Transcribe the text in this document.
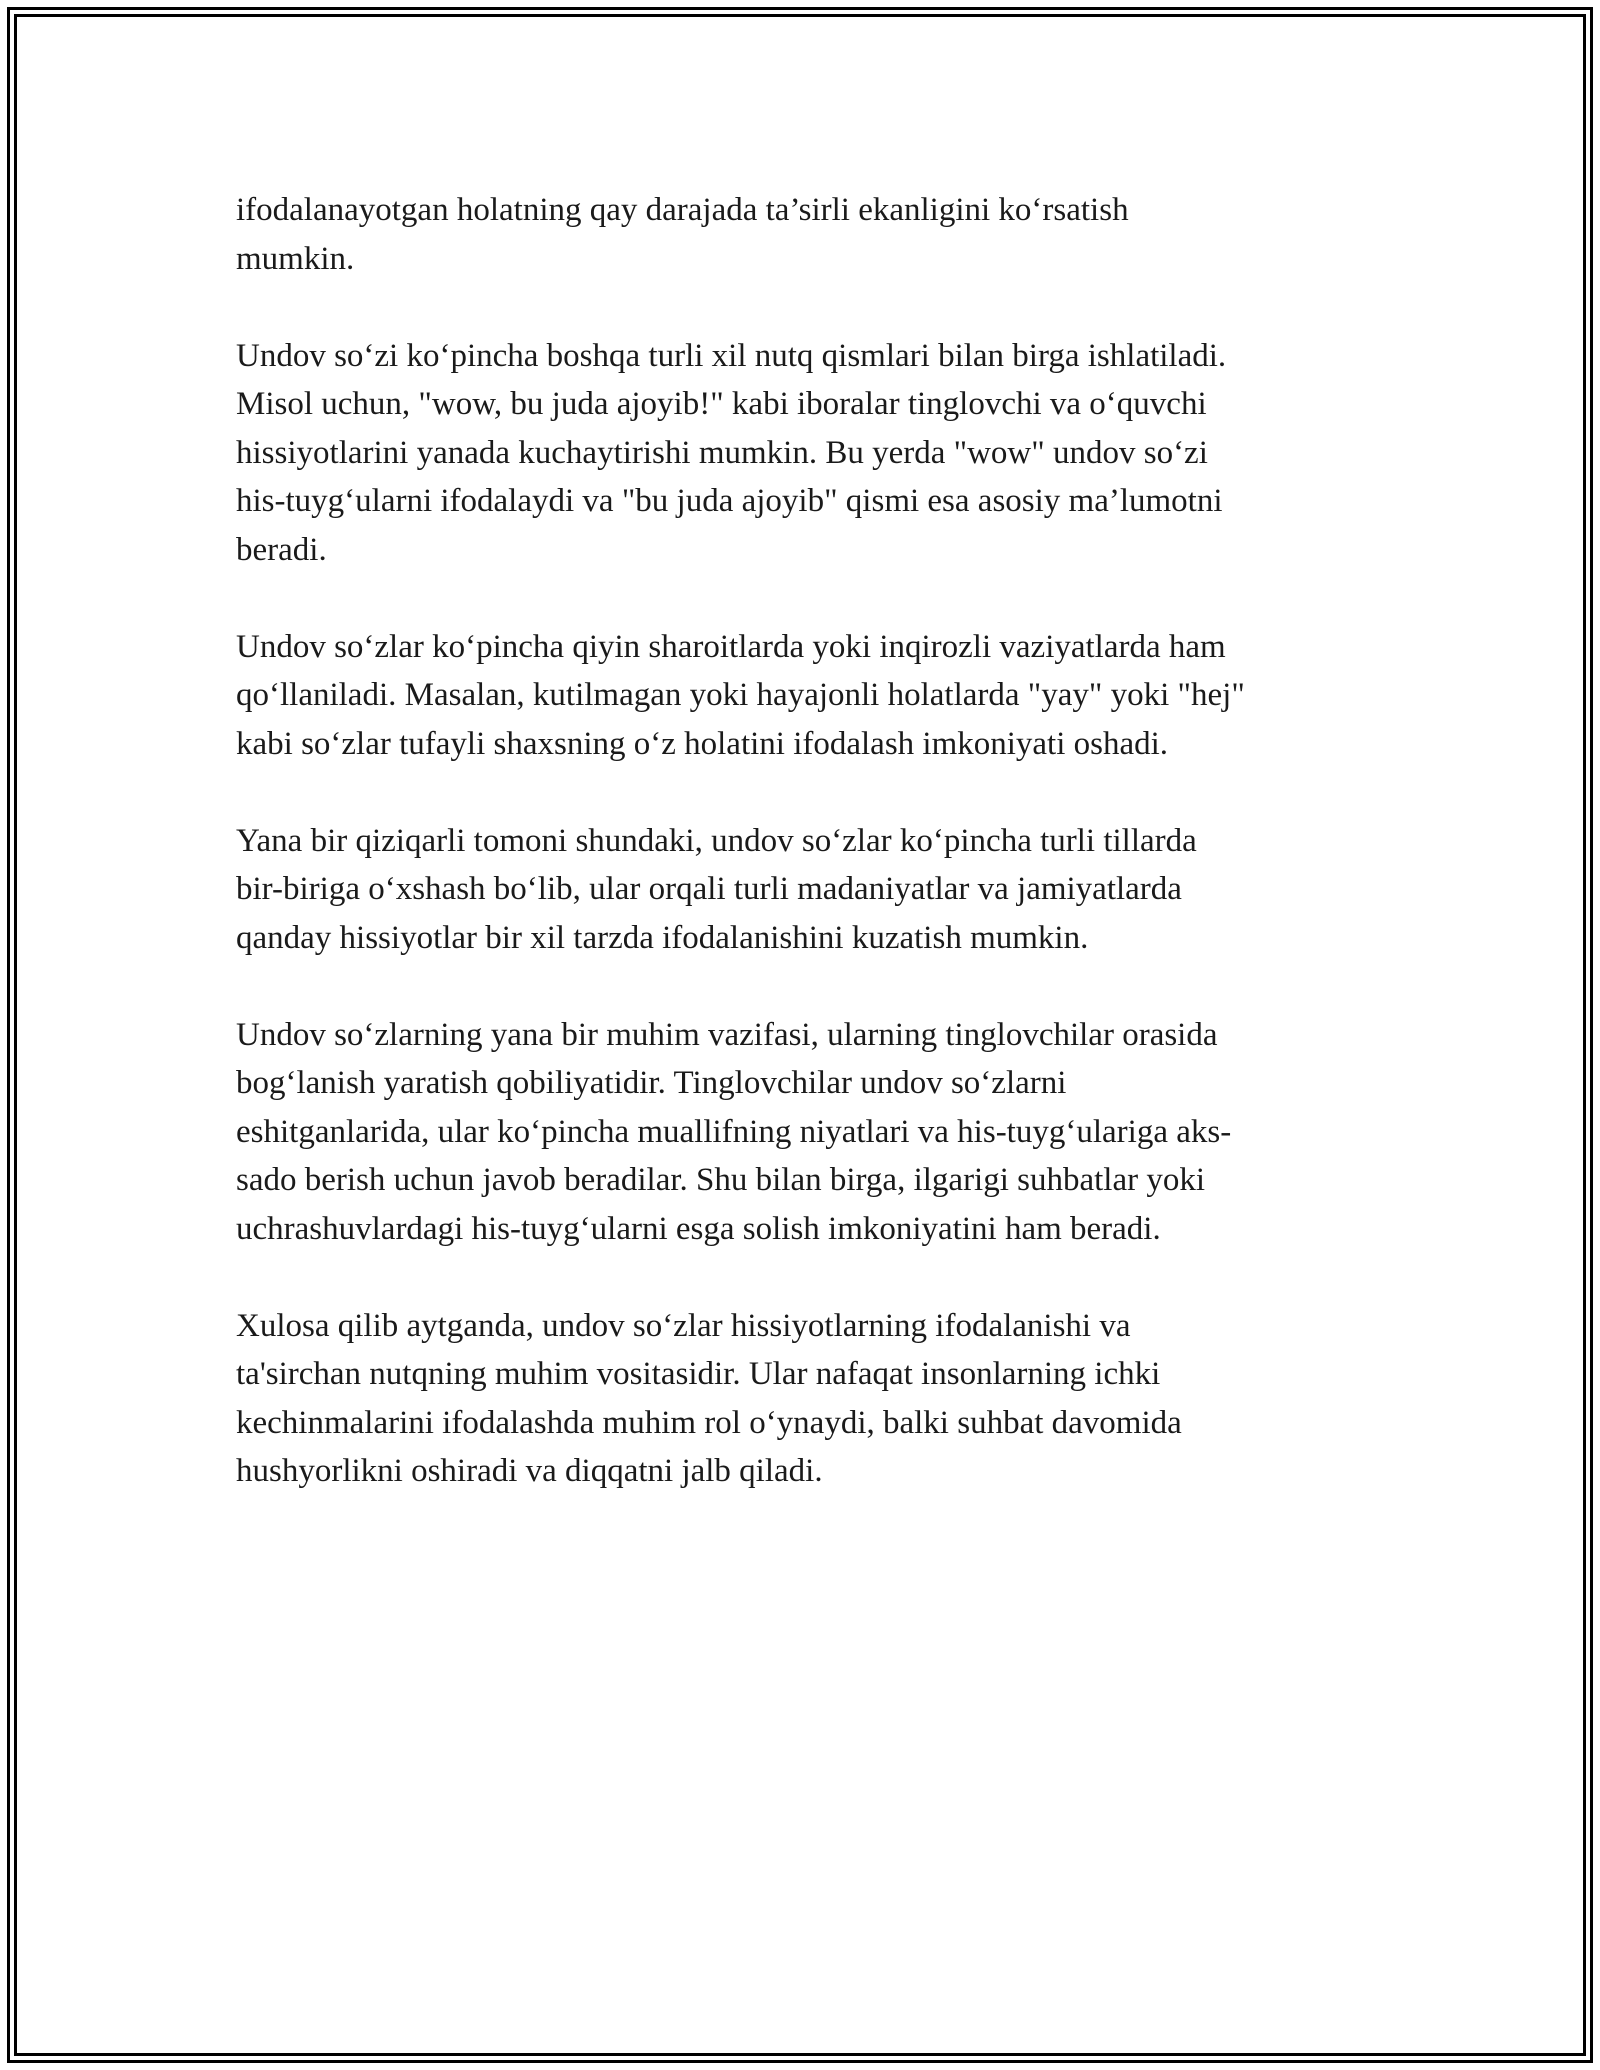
ifodalanayotgan holatning qay darajada ta’sirli ekanligini ko‘rsatish
mumkin.

Undov so‘zi ko‘pincha boshqa turli xil nutq qismlari bilan birga ishlatiladi.
Misol uchun, "wow, bu juda ajoyib!" kabi iboralar tinglovchi va o‘quvchi
hissiyotlarini yanada kuchaytirishi mumkin. Bu yerda "wow" undov so‘zi
his-tuyg‘ularni ifodalaydi va "bu juda ajoyib" qismi esa asosiy ma’lumotni
beradi.

Undov so‘zlar ko‘pincha qiyin sharoitlarda yoki inqirozli vaziyatlarda ham
qo‘llaniladi. Masalan, kutilmagan yoki hayajonli holatlarda "yay" yoki "hej"
kabi so‘zlar tufayli shaxsning o‘z holatini ifodalash imkoniyati oshadi.

Yana bir qiziqarli tomoni shundaki, undov so‘zlar ko‘pincha turli tillarda
bir-biriga o‘xshash bo‘lib, ular orqali turli madaniyatlar va jamiyatlarda
qanday hissiyotlar bir xil tarzda ifodalanishini kuzatish mumkin.

Undov so‘zlarning yana bir muhim vazifasi, ularning tinglovchilar orasida
bog‘lanish yaratish qobiliyatidir. Tinglovchilar undov so‘zlarni
eshitganlarida, ular ko‘pincha muallifning niyatlari va his-tuyg‘ulariga aks-
sado berish uchun javob beradilar. Shu bilan birga, ilgarigi suhbatlar yoki
uchrashuvlardagi his-tuyg‘ularni esga solish imkoniyatini ham beradi.

Xulosa qilib aytganda, undov so‘zlar hissiyotlarning ifodalanishi va
ta'sirchan nutqning muhim vositasidir. Ular nafaqat insonlarning ichki
kechinmalarini ifodalashda muhim rol o‘ynaydi, balki suhbat davomida
hushyorlikni oshiradi va diqqatni jalb qiladi.
